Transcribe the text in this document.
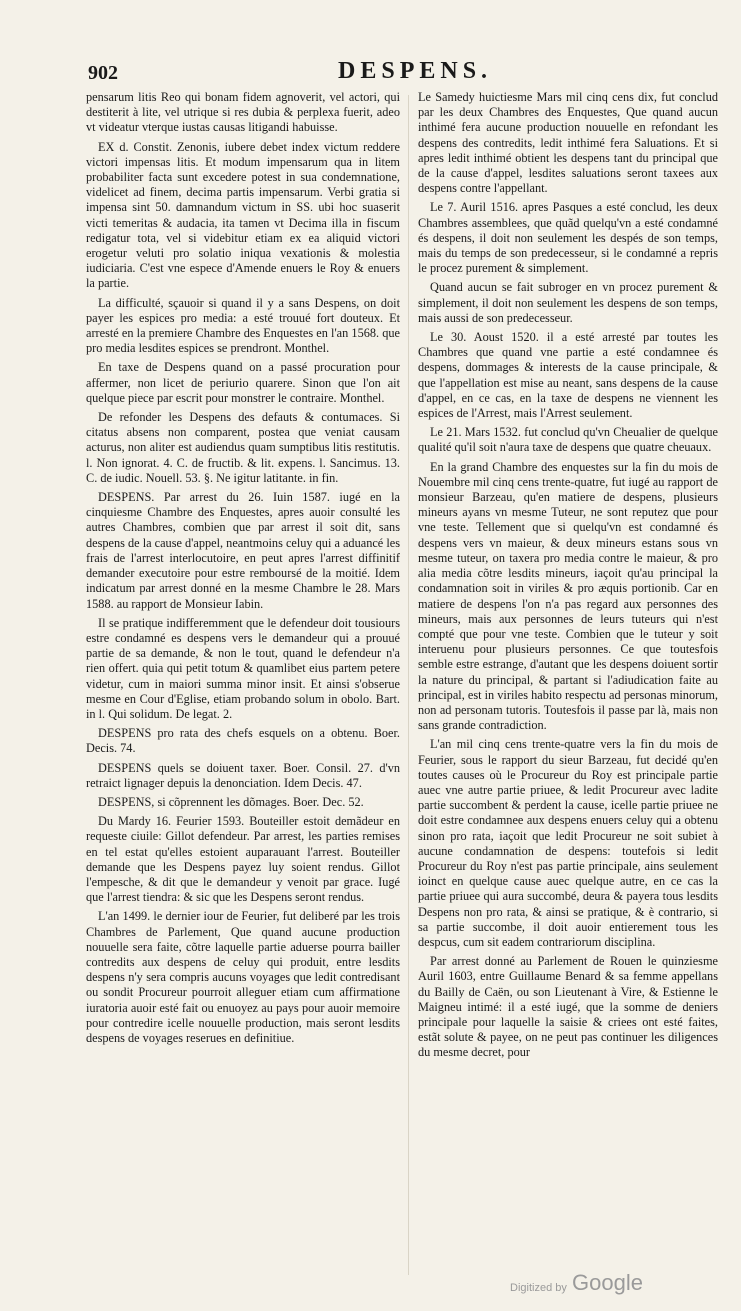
902	DESPENS.

pensarum litis Reo qui bonam fidem agnoverit, vel actori, qui destiterit à lite, vel utrique si res dubia & perplexa fuerit, adeo vt videatur vterque iustas causas litigandi habuisse.

EX d. Constit. Zenonis, iubere debet index victum reddere victori impensas litis. Et modum impensarum qua in litem probabiliter facta sunt excedere potest in sua condemnatione, videlicet ad finem, decima partis impensarum. Verbi gratia si impensa sint 50. damnandum victum in SS. ubi hoc suaserit victi temeritas & audacia, ita tamen vt Decima illa in fiscum redigatur tota, vel si videbitur etiam ex ea aliquid victori erogetur veluti pro solatio iniqua vexationis & molestia iudiciaria. C'est vne espece d'Amende enuers le Roy & enuers la partie.

La difficulté, sçauoir si quand il y a sans Despens, on doit payer les espices pro media: a esté trouué fort douteux. Et arresté en la premiere Chambre des Enquestes en l'an 1568. que pro media lesdites espices se prendront. Monthel.

En taxe de Despens quand on a passé procuration pour affermer, non licet de periurio quarere. Sinon que l'on ait quelque piece par escrit pour monstrer le contraire. Monthel.

De refonder les Despens des defauts & contumaces. Si citatus absens non comparent, postea que veniat causam acturus, non aliter est audiendus quam sumptibus litis restitutis. l. Non ignorat. 4. C. de fructib. & lit. expens. l. Sancimus. 13. C. de iudic. Nouell. 53. §. Ne igitur latitante. in fin.

DESPENS. Par arrest du 26. Iuin 1587. iugé en la cinquiesme Chambre des Enquestes, apres auoir consulté les autres Chambres, combien que par arrest il soit dit, sans despens de la cause d'appel, neantmoins celuy qui a aduancé les frais de l'arrest interlocutoire, en peut apres l'arrest diffinitif demander executoire pour estre remboursé de la moitié. Idem indicatum par arrest donné en la mesme Chambre le 28. Mars 1588. au rapport de Monsieur Iabin.

Il se pratique indifferemment que le defendeur doit tousiours estre condamné es despens vers le demandeur qui a prouué partie de sa demande, & non le tout, quand le defendeur n'a rien offert. quia qui petit totum & quamlibet eius partem petere videtur, cum in maiori summa minor insit. Et ainsi s'obserue mesme en Cour d'Eglise, etiam probando solum in obolo. Bart. in l. Qui solidum. De legat. 2.

DESPENS pro rata des chefs esquels on a obtenu. Boer. Decis. 74.

DESPENS quels se doiuent taxer. Boer. Consil. 27. d'vn retraict lignager depuis la denonciation. Idem Decis. 47.

DESPENS, si cõprennent les dõmages. Boer. Dec. 52.

Du Mardy 16. Feurier 1593. Bouteiller estoit demãdeur en requeste ciuile: Gillot defendeur. Par arrest, les parties remises en tel estat qu'elles estoient auparauant l'arrest. Bouteiller demande que les Despens payez luy soient rendus. Gillot l'empesche, & dit que le demandeur y venoit par grace. Iugé que l'arrest tiendra: & sic que les Despens seront rendus.

L'an 1499. le dernier iour de Feurier, fut deliberé par les trois Chambres de Parlement, Que quand aucune production nouuelle sera faite, cõtre laquelle partie aduerse pourra bailler contredits aux despens de celuy qui produit, entre lesdits despens n'y sera compris aucuns voyages que ledit contredisant ou sondit Procureur pourroit alleguer etiam cum affirmatione iuratoria auoir esté fait ou enuoyez au pays pour auoir memoire pour contredire icelle nouuelle production, mais seront lesdits despens de voyages reserues en definitiue.

Le Samedy huictiesme Mars mil cinq cens dix, fut conclud par les deux Chambres des Enquestes, Que quand aucun inthimé fera aucune production nouuelle en refondant les despens des contredits, ledit inthimé fera Saluations. Et si apres ledit inthimé obtient les despens tant du principal que de la cause d'appel, lesdites saluations seront taxees aux despens contre l'appellant.

Le 7. Auril 1516. apres Pasques a esté conclud, les deux Chambres assemblees, que quãd quelqu'vn a esté condamné és despens, il doit non seulement les despés de son temps, mais du temps de son predecesseur, si le condamné a repris le procez purement & simplement.

Quand aucun se fait subroger en vn procez purement & simplement, il doit non seulement les despens de son temps, mais aussi de son predecesseur.

Le 30. Aoust 1520. il a esté arresté par toutes les Chambres que quand vne partie a esté condamnee és despens, dommages & interests de la cause principale, & que l'appellation est mise au neant, sans despens de la cause d'appel, en ce cas, en la taxe de despens ne viennent les espices de l'Arrest, mais l'Arrest seulement.

Le 21. Mars 1532. fut conclud qu'vn Cheualier de quelque qualité qu'il soit n'aura taxe de despens que quatre cheuaux.

En la grand Chambre des enquestes sur la fin du mois de Nouembre mil cinq cens trente-quatre, fut iugé au rapport de monsieur Barzeau, qu'en matiere de despens, plusieurs mineurs ayans vn mesme Tuteur, ne sont reputez que pour vne teste. Tellement que si quelqu'vn est condamné és despens vers vn maieur, & deux mineurs estans sous vn mesme tuteur, on taxera pro media contre le maieur, & pro alia media cõtre lesdits mineurs, iaçoit qu'au principal la condamnation soit in viriles & pro æquis portionib. Car en matiere de despens l'on n'a pas regard aux personnes des mineurs, mais aux personnes de leurs tuteurs qui n'est compté que pour vne teste. Combien que le tuteur y soit interuenu pour plusieurs personnes. Ce que toutesfois semble estre estrange, d'autant que les despens doiuent sortir la nature du principal, & partant si l'adiudication faite au principal, est in viriles habito respectu ad personas minorum, non ad personam tutoris. Toutesfois il passe par là, mais non sans grande contradiction.

L'an mil cinq cens trente-quatre vers la fin du mois de Feurier, sous le rapport du sieur Barzeau, fut decidé qu'en toutes causes où le Procureur du Roy est principale partie auec vne autre partie priuee, & ledit Procureur avec ladite partie succombent & perdent la cause, icelle partie priuee ne doit estre condamnee aux despens enuers celuy qui a obtenu sinon pro rata, iaçoit que ledit Procureur ne soit subiet à aucune condamnation de despens: toutefois si ledit Procureur du Roy n'est pas partie principale, ains seulement ioinct en quelque cause auec quelque autre, en ce cas la partie priuee qui aura succombé, deura & payera tous lesdits Despens non pro rata, & ainsi se pratique, & è contrario, si sa partie succombe, il doit auoir entierement tous les despcus, cum sit eadem contrariorum disciplina.

Par arrest donné au Parlement de Rouen le quinziesme Auril 1603, entre Guillaume Benard & sa femme appellans du Bailly de Caën, ou son Lieutenant à Vire, & Estienne le Maigneu intimé: il a esté iugé, que la somme de deniers principale pour laquelle la saisie & criees ont esté faites, estãt solute & payee, on ne peut pas continuer les diligences du mesme decret, pour

Digitized by Google
